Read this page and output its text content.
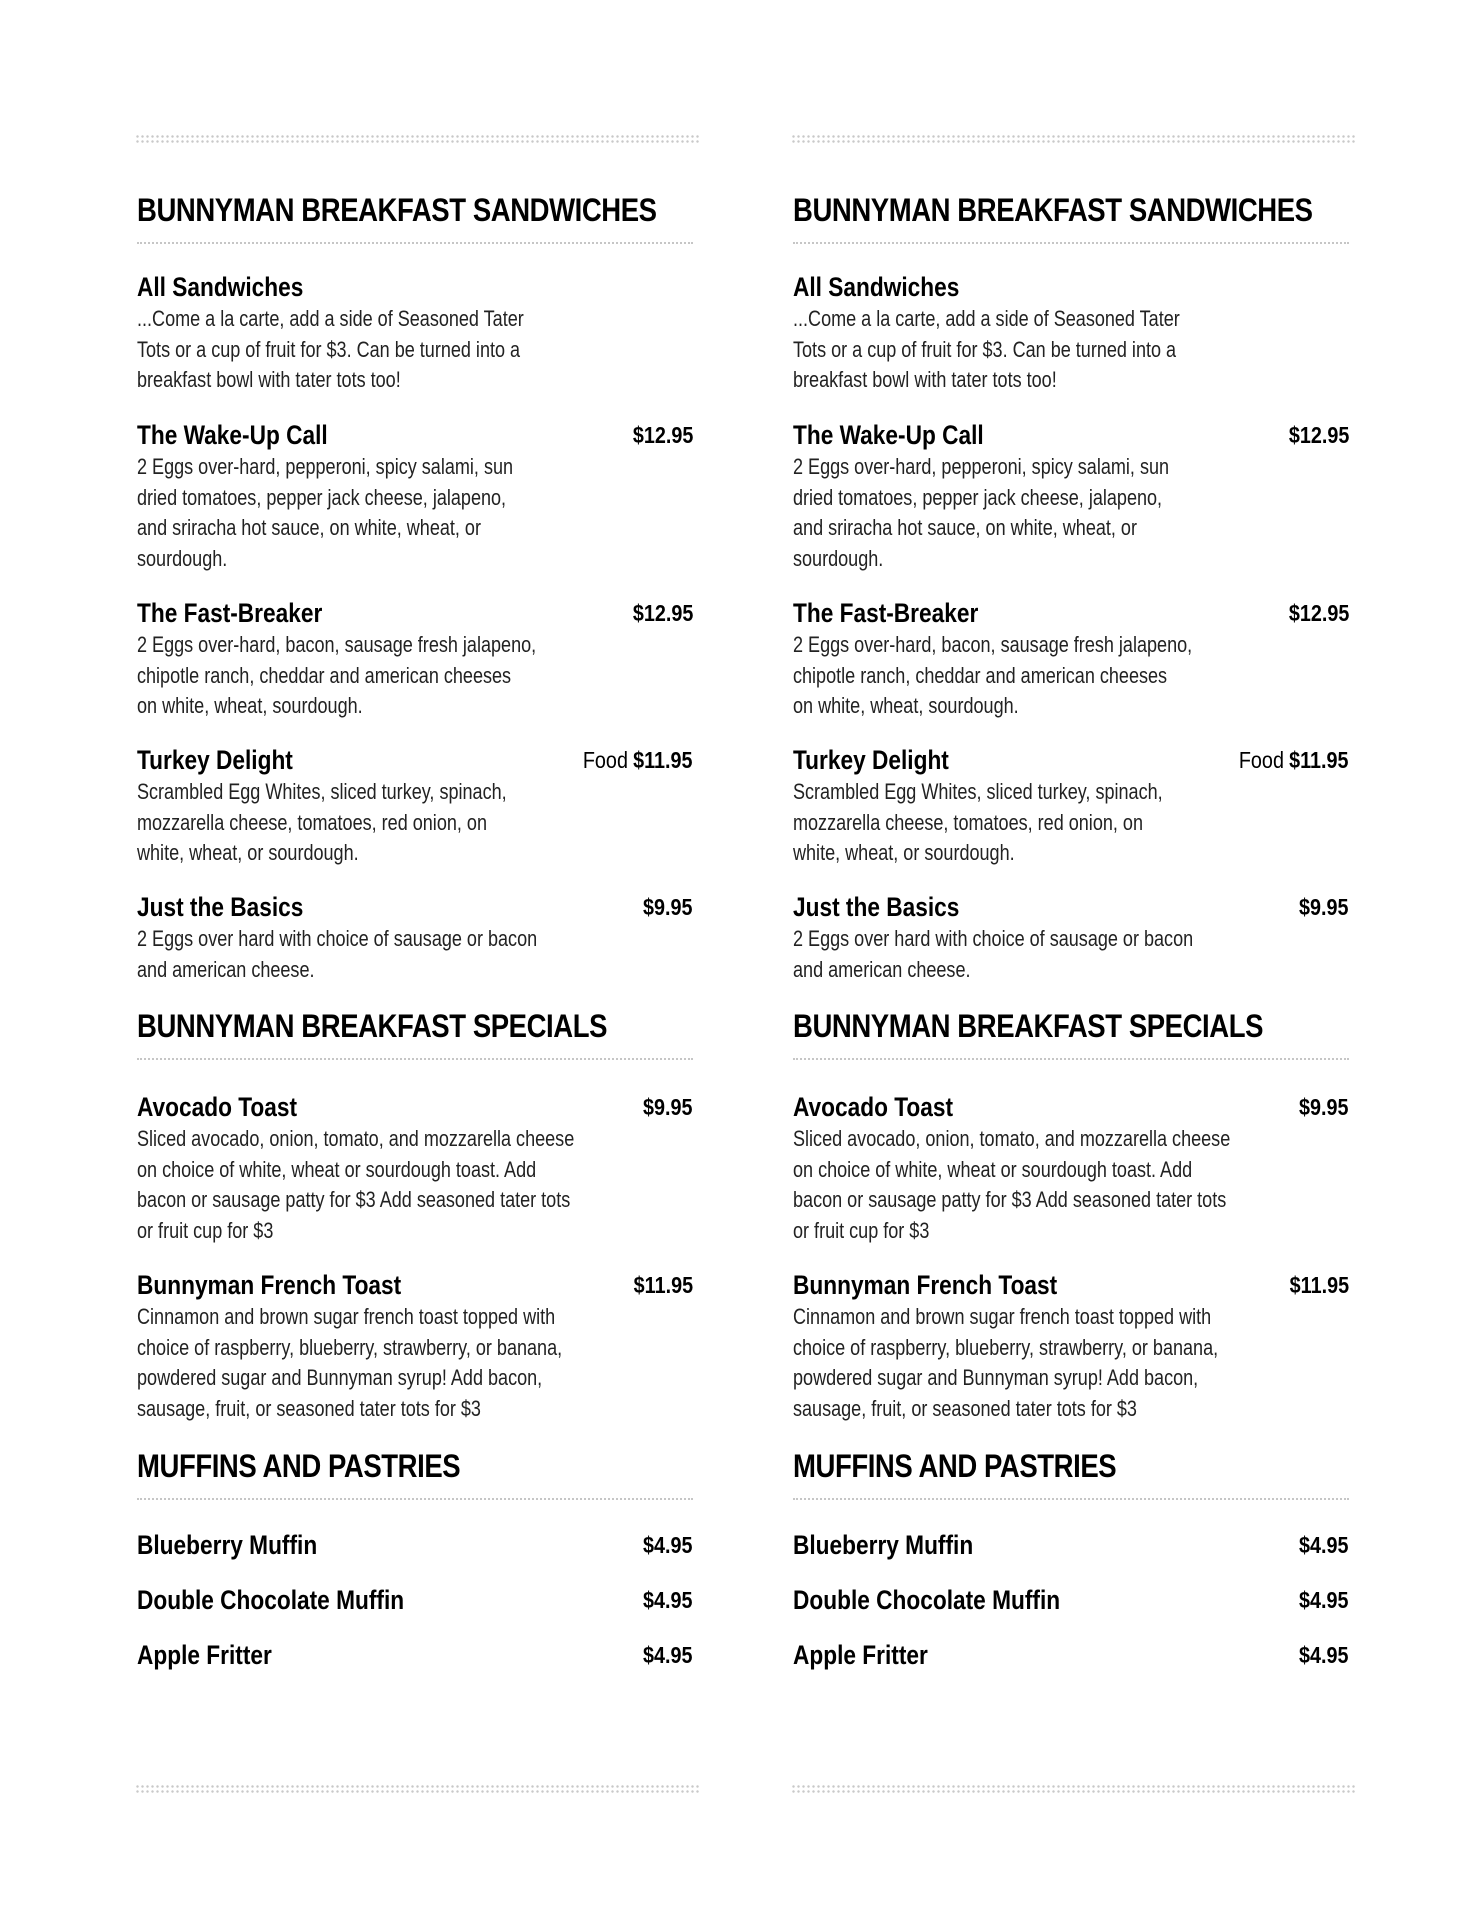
BUNNYMAN BREAKFAST SANDWICHES
All Sandwiches
...Come a la carte, add a side of Seasoned Tater
Tots or a cup of fruit for $3. Can be turned into a
breakfast bowl with tater tots too!
The Wake-Up Call	$12.95
2 Eggs over-hard, pepperoni, spicy salami, sun
dried tomatoes, pepper jack cheese, jalapeno,
and sriracha hot sauce, on white, wheat, or
sourdough.
The Fast-Breaker	$12.95
2 Eggs over-hard, bacon, sausage fresh jalapeno,
chipotle ranch, cheddar and american cheeses
on white, wheat, sourdough.
Turkey Delight	Food $11.95
Scrambled Egg Whites, sliced turkey, spinach,
mozzarella cheese, tomatoes, red onion, on
white, wheat, or sourdough.
Just the Basics	$9.95
2 Eggs over hard with choice of sausage or bacon
and american cheese.
BUNNYMAN BREAKFAST SPECIALS
Avocado Toast	$9.95
Sliced avocado, onion, tomato, and mozzarella cheese
on choice of white, wheat or sourdough toast. Add
bacon or sausage patty for $3 Add seasoned tater tots
or fruit cup for $3
Bunnyman French Toast	$11.95
Cinnamon and brown sugar french toast topped with
choice of raspberry, blueberry, strawberry, or banana,
powdered sugar and Bunnyman syrup! Add bacon,
sausage, fruit, or seasoned tater tots for $3
MUFFINS AND PASTRIES
Blueberry Muffin	$4.95
Double Chocolate Muffin	$4.95
Apple Fritter	$4.95
BUNNYMAN BREAKFAST SANDWICHES
All Sandwiches
...Come a la carte, add a side of Seasoned Tater
Tots or a cup of fruit for $3. Can be turned into a
breakfast bowl with tater tots too!
The Wake-Up Call	$12.95
2 Eggs over-hard, pepperoni, spicy salami, sun
dried tomatoes, pepper jack cheese, jalapeno,
and sriracha hot sauce, on white, wheat, or
sourdough.
The Fast-Breaker	$12.95
2 Eggs over-hard, bacon, sausage fresh jalapeno,
chipotle ranch, cheddar and american cheeses
on white, wheat, sourdough.
Turkey Delight	Food $11.95
Scrambled Egg Whites, sliced turkey, spinach,
mozzarella cheese, tomatoes, red onion, on
white, wheat, or sourdough.
Just the Basics	$9.95
2 Eggs over hard with choice of sausage or bacon
and american cheese.
BUNNYMAN BREAKFAST SPECIALS
Avocado Toast	$9.95
Sliced avocado, onion, tomato, and mozzarella cheese
on choice of white, wheat or sourdough toast. Add
bacon or sausage patty for $3 Add seasoned tater tots
or fruit cup for $3
Bunnyman French Toast	$11.95
Cinnamon and brown sugar french toast topped with
choice of raspberry, blueberry, strawberry, or banana,
powdered sugar and Bunnyman syrup! Add bacon,
sausage, fruit, or seasoned tater tots for $3
MUFFINS AND PASTRIES
Blueberry Muffin	$4.95
Double Chocolate Muffin	$4.95
Apple Fritter	$4.95
